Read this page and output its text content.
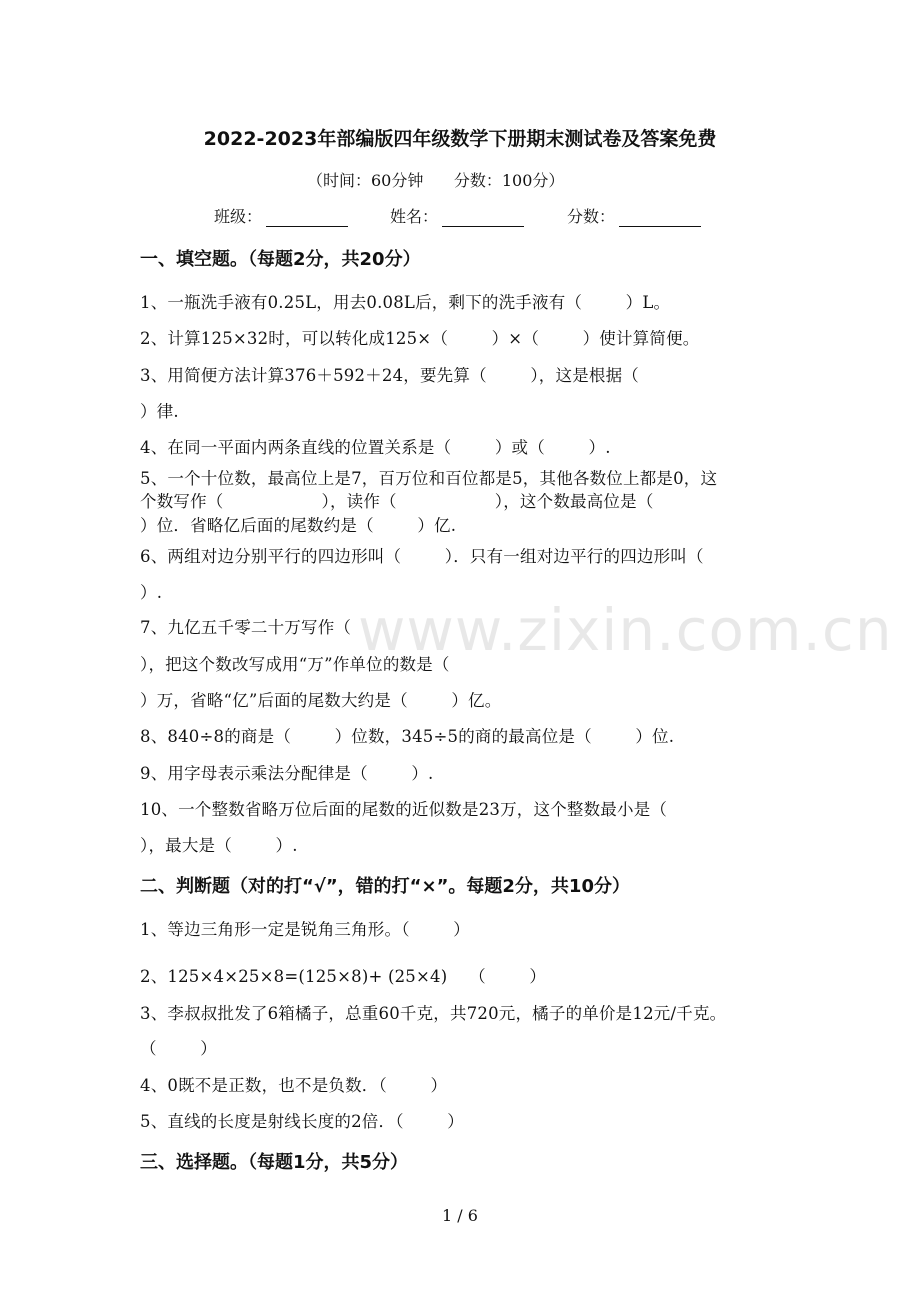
www.zixin.com.cn
2022-2023年部编版四年级数学下册期末测试卷及答案免费
（时间：60分钟      分数：100分）
班级：	姓名：	分数：
一、填空题。（每题2分，共20分）
1、一瓶洗手液有0.25L，用去0.08L后，剩下的洗手液有（        ）L。
2、计算125×32时，可以转化成125×（        ）×（        ）使计算简便。
3、用简便方法计算376＋592＋24，要先算（        ），这是根据（
）律.
4、在同一平面内两条直线的位置关系是（        ）或（        ）.
5、一个十位数，最高位上是7，百万位和百位都是5，其他各数位上都是0，这
个数写作（                  ），读作（                  ），这个数最高位是（
）位．省略亿后面的尾数约是（        ）亿.
6、两组对边分别平行的四边形叫（        ）．只有一组对边平行的四边形叫（
）.
7、九亿五千零二十万写作（
），把这个数改写成用“万”作单位的数是（
）万，省略“亿”后面的尾数大约是（        ）亿。
8、840÷8的商是（        ）位数，345÷5的商的最高位是（        ）位.
9、用字母表示乘法分配律是（        ）.
10、一个整数省略万位后面的尾数的近似数是23万，这个整数最小是（
），最大是（        ）.
二、判断题（对的打“√”，错的打“×”。每题2分，共10分）
1、等边三角形一定是锐角三角形。（        ）
2、125×4×25×8=(125×8)+ (25×4)    （        ）
3、李叔叔批发了6箱橘子，总重60千克，共720元，橘子的单价是12元/千克。
（        ）
4、0既不是正数，也不是负数．（        ）
5、直线的长度是射线长度的2倍．（        ）
三、选择题。（每题1分，共5分）
1 / 6
